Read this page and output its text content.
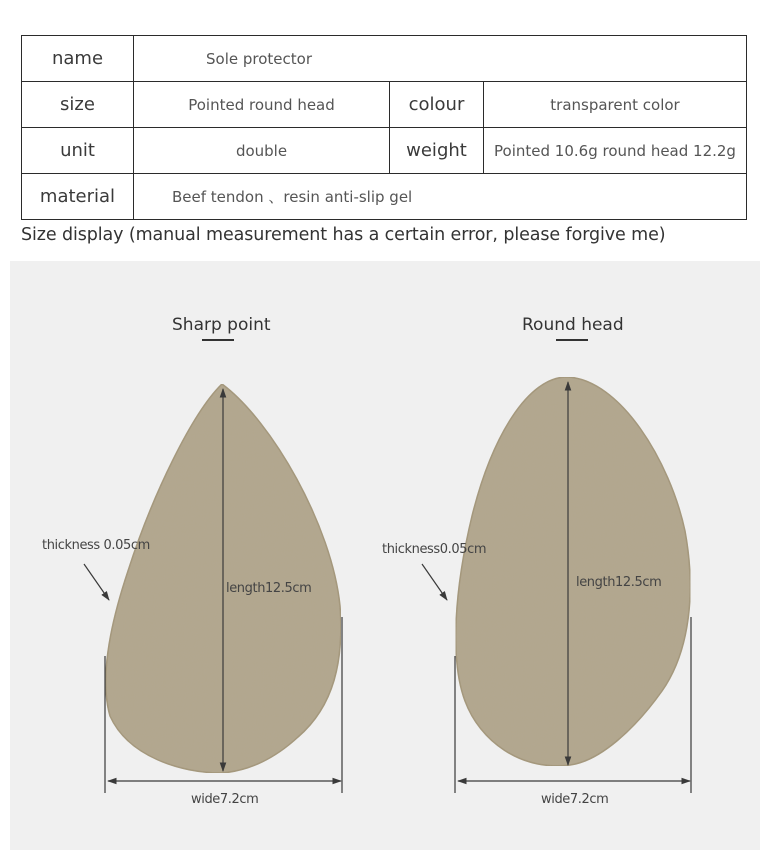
name	Sole protector		
size	Pointed round head	colour	transparent color
unit	double	weight	Pointed 10.6g round head 12.2g
material	Beef tendon 、resin anti-slip gel		
Size display (manual measurement has a certain error, please forgive me)
Sharp point	Round head
thickness 0.05cm
length12.5cm
wide7.2cm
thickness0.05cm
length12.5cm
wide7.2cm
